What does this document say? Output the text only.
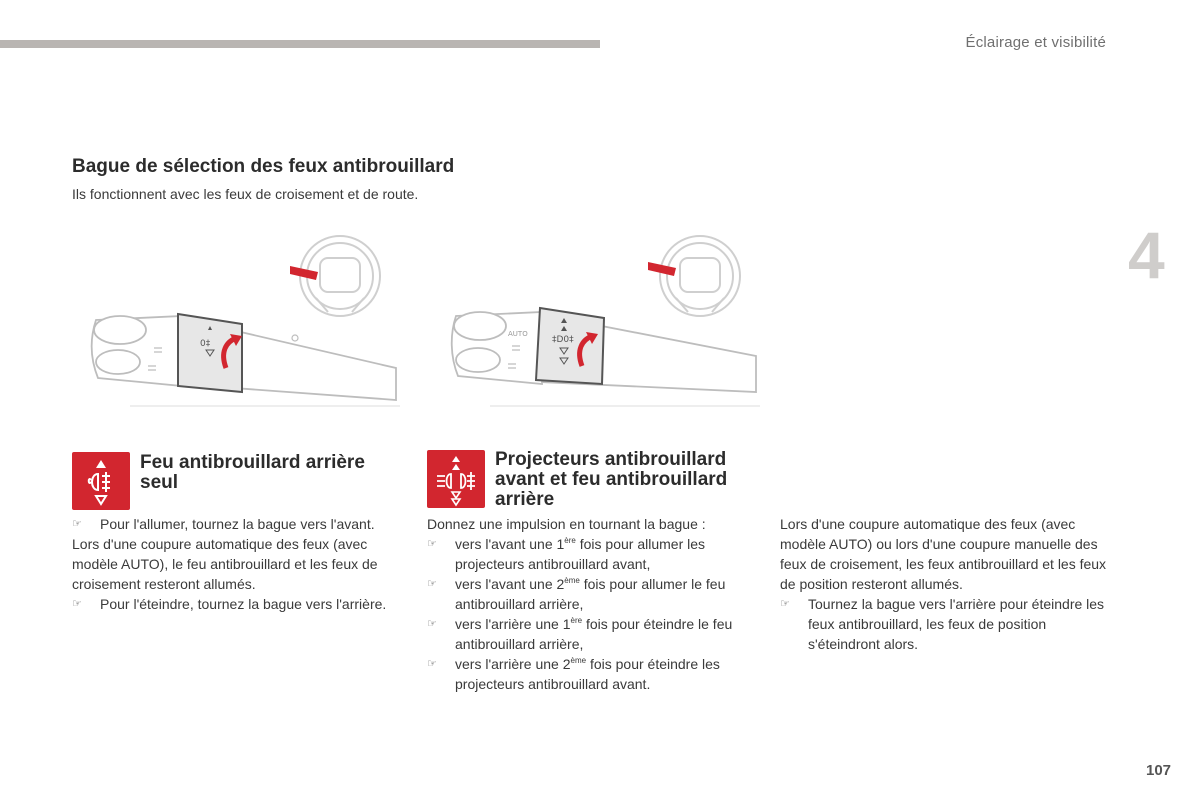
Éclairage et visibilité
4
Bague de sélection des feux antibrouillard
Ils fonctionnent avec les feux de croisement et de route.
0‡	‡D0‡
AUTO
Feu antibrouillard arrière seul
Projecteurs antibrouillard avant et feu antibrouillard arrière

☞ Pour l'allumer, tournez la bague vers l'avant.

Lors d'une coupure automatique des feux (avec modèle AUTO), le feu antibrouillard et les feux de croisement resteront allumés.

☞ Pour l'éteindre, tournez la bague vers l'arrière.

Donnez une impulsion en tournant la bague :

☞ vers l'avant une 1ère fois pour allumer les projecteurs antibrouillard avant,

☞ vers l'avant une 2ème fois pour allumer le feu antibrouillard arrière,

☞ vers l'arrière une 1ère fois pour éteindre le feu antibrouillard arrière,

☞ vers l'arrière une 2ème fois pour éteindre les projecteurs antibrouillard avant.

Lors d'une coupure automatique des feux (avec modèle AUTO) ou lors d'une coupure manuelle des feux de croisement, les feux antibrouillard et les feux de position resteront allumés.

☞ Tournez la bague vers l'arrière pour éteindre les feux antibrouillard, les feux de position s'éteindront alors.

107
